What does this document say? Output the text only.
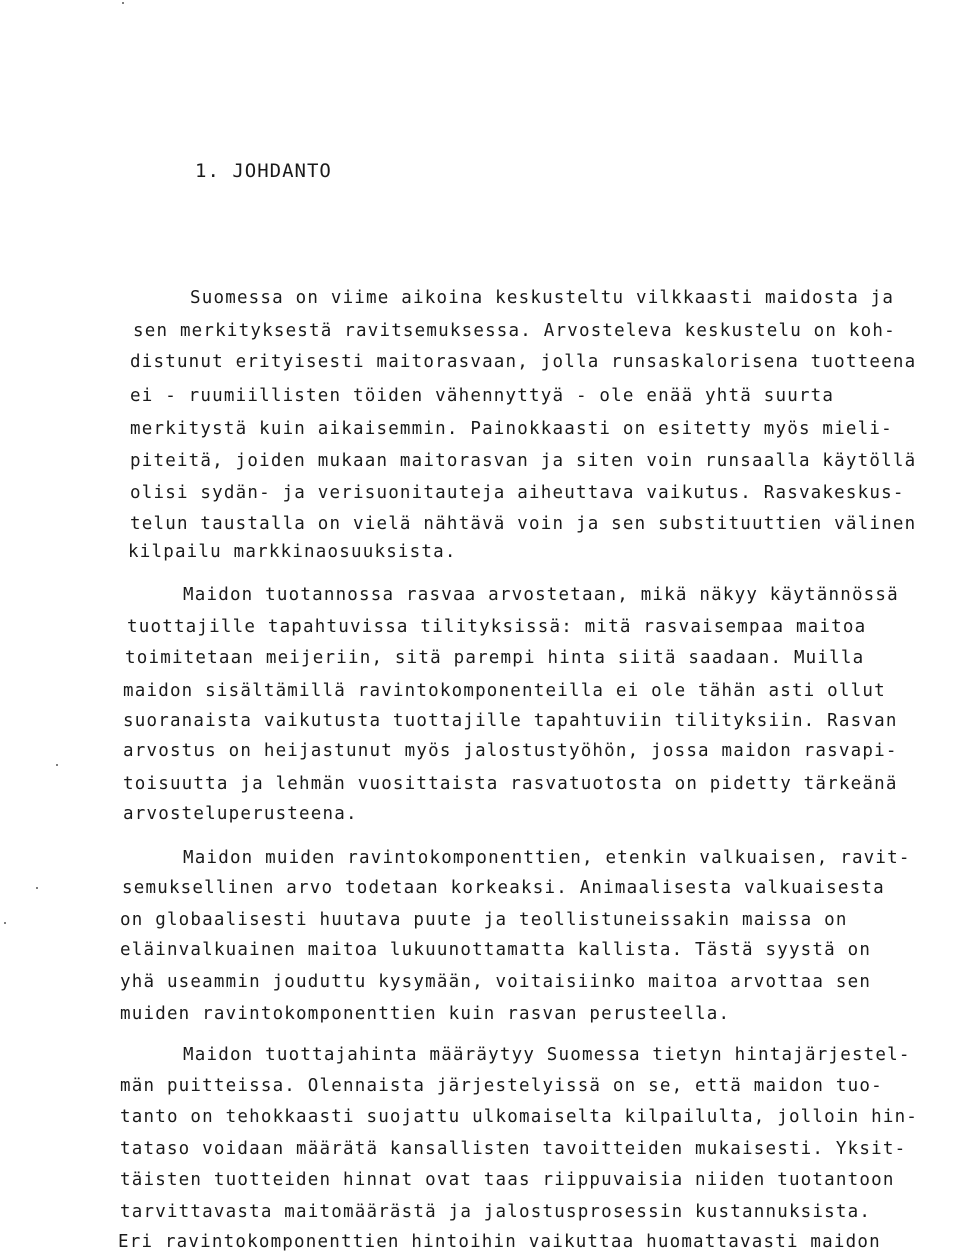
1. JOHDANTO
Suomessa on viime aikoina keskusteltu vilkkaasti maidosta ja
sen merkityksestä ravitsemuksessa. Arvosteleva keskustelu on koh-
distunut erityisesti maitorasvaan, jolla runsaskalorisena tuotteena
ei - ruumiillisten töiden vähennyttyä - ole enää yhtä suurta
merkitystä kuin aikaisemmin. Painokkaasti on esitetty myös mieli-
piteitä, joiden mukaan maitorasvan ja siten voin runsaalla käytöllä
olisi sydän- ja verisuonitauteja aiheuttava vaikutus. Rasvakeskus-
telun taustalla on vielä nähtävä voin ja sen substituuttien välinen
kilpailu markkinaosuuksista.
Maidon tuotannossa rasvaa arvostetaan, mikä näkyy käytännössä
tuottajille tapahtuvissa tilityksissä: mitä rasvaisempaa maitoa
toimitetaan meijeriin, sitä parempi hinta siitä saadaan. Muilla
maidon sisältämillä ravintokomponenteilla ei ole tähän asti ollut
suoranaista vaikutusta tuottajille tapahtuviin tilityksiin. Rasvan
arvostus on heijastunut myös jalostustyöhön, jossa maidon rasvapi-
toisuutta ja lehmän vuosittaista rasvatuotosta on pidetty tärkeänä
arvosteluperusteena.
Maidon muiden ravintokomponenttien, etenkin valkuaisen, ravit-
semuksellinen arvo todetaan korkeaksi. Animaalisesta valkuaisesta
on globaalisesti huutava puute ja teollistuneissakin maissa on
eläinvalkuainen maitoa lukuunottamatta kallista. Tästä syystä on
yhä useammin jouduttu kysymään, voitaisiinko maitoa arvottaa sen
muiden ravintokomponenttien kuin rasvan perusteella.
Maidon tuottajahinta määräytyy Suomessa tietyn hintajärjestel-
män puitteissa. Olennaista järjestelyissä on se, että maidon tuo-
tanto on tehokkaasti suojattu ulkomaiselta kilpailulta, jolloin hin-
tataso voidaan määrätä kansallisten tavoitteiden mukaisesti. Yksit-
täisten tuotteiden hinnat ovat taas riippuvaisia niiden tuotantoon
tarvittavasta maitomäärästä ja jalostusprosessin kustannuksista.
Eri ravintokomponenttien hintoihin vaikuttaa huomattavasti maidon
